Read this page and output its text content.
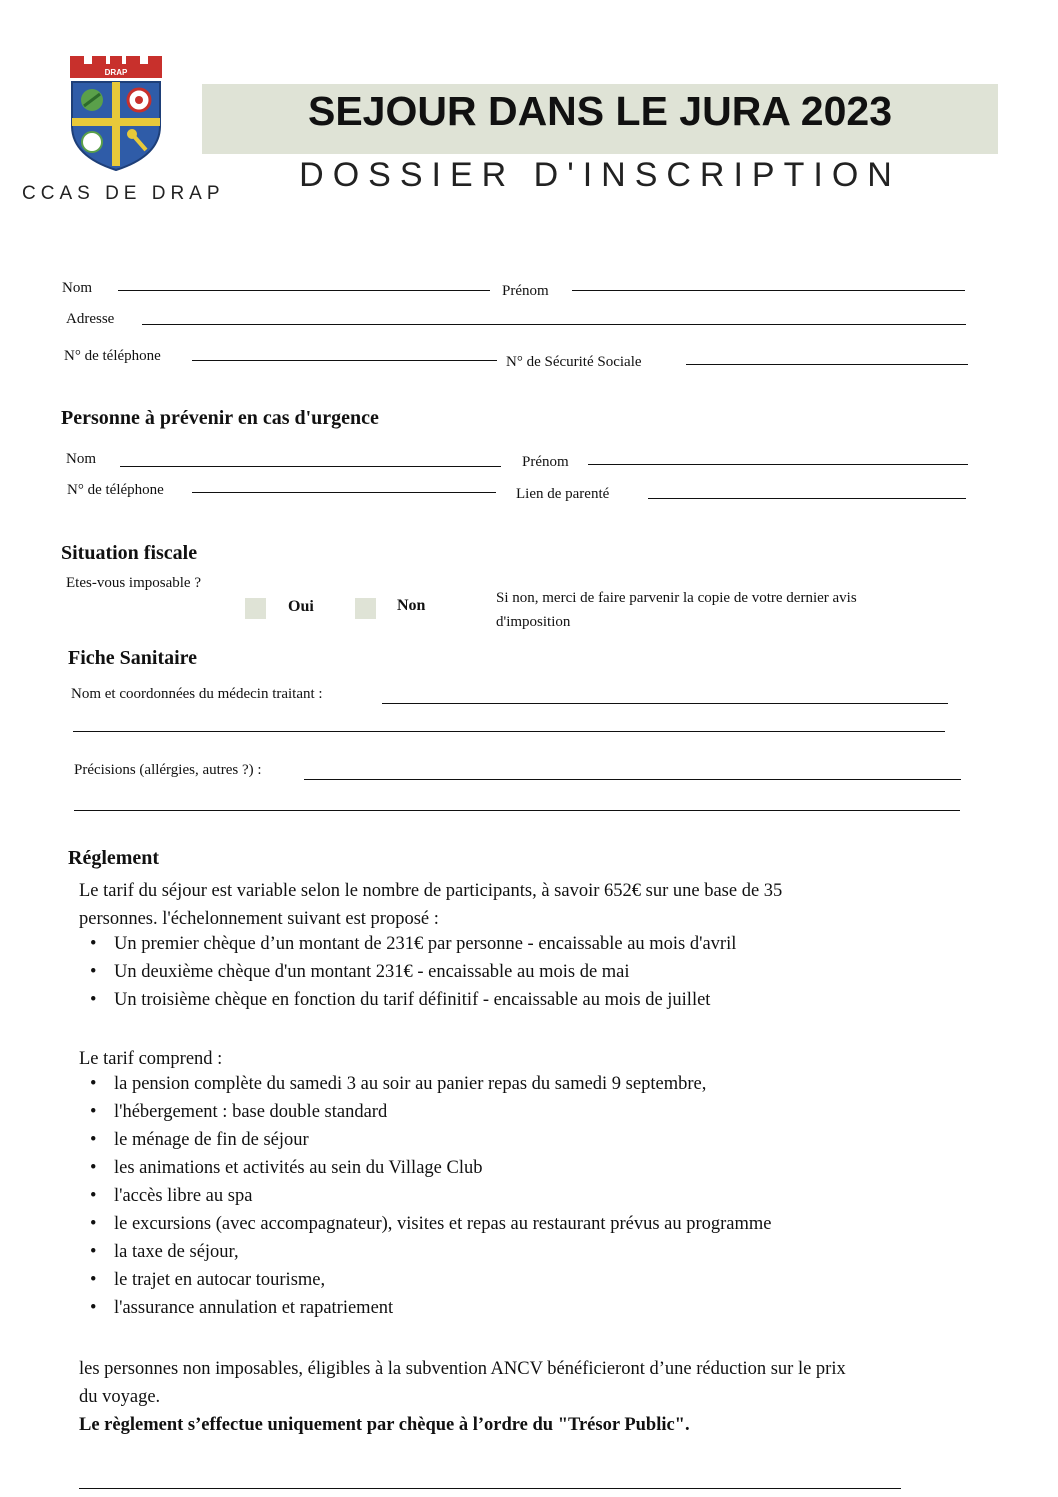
DRAP
CCAS DE DRAP
SEJOUR DANS LE JURA 2023
DOSSIER D'INSCRIPTION
Nom	Prénom
Adresse
N° de téléphone	N° de Sécurité Sociale
Personne à prévenir en cas d'urgence
Nom	Prénom
N° de téléphone	Lien de parenté
Situation fiscale
Etes-vous imposable ?
Oui	Non	Si non, merci de faire parvenir la copie de votre dernier avis
d'imposition
Fiche Sanitaire
Nom et coordonnées du médecin traitant :
Précisions (allérgies, autres ?) :
Réglement
Le tarif du séjour est variable selon le nombre de participants, à savoir 652€ sur une base de 35
personnes. l'échelonnement suivant est proposé :
Un premier chèque d’un montant de 231€ par personne - encaissable au mois d'avril
Un deuxième chèque d'un montant 231€ - encaissable au mois de mai
Un troisième chèque en fonction du tarif définitif - encaissable au mois de juillet
Le tarif comprend :
la pension complète du samedi 3 au soir au panier repas du samedi 9 septembre,
l'hébergement : base double standard
le ménage de fin de séjour
les animations et activités au sein du Village Club
l'accès libre au spa
le excursions (avec accompagnateur), visites et repas au restaurant prévus au programme
la taxe de séjour,
le trajet en autocar tourisme,
l'assurance annulation et rapatriement
les personnes non imposables, éligibles à la subvention ANCV bénéficieront d’une réduction sur le prix
du voyage.
Le règlement s’effectue uniquement par chèque à l’ordre du "Trésor Public".
